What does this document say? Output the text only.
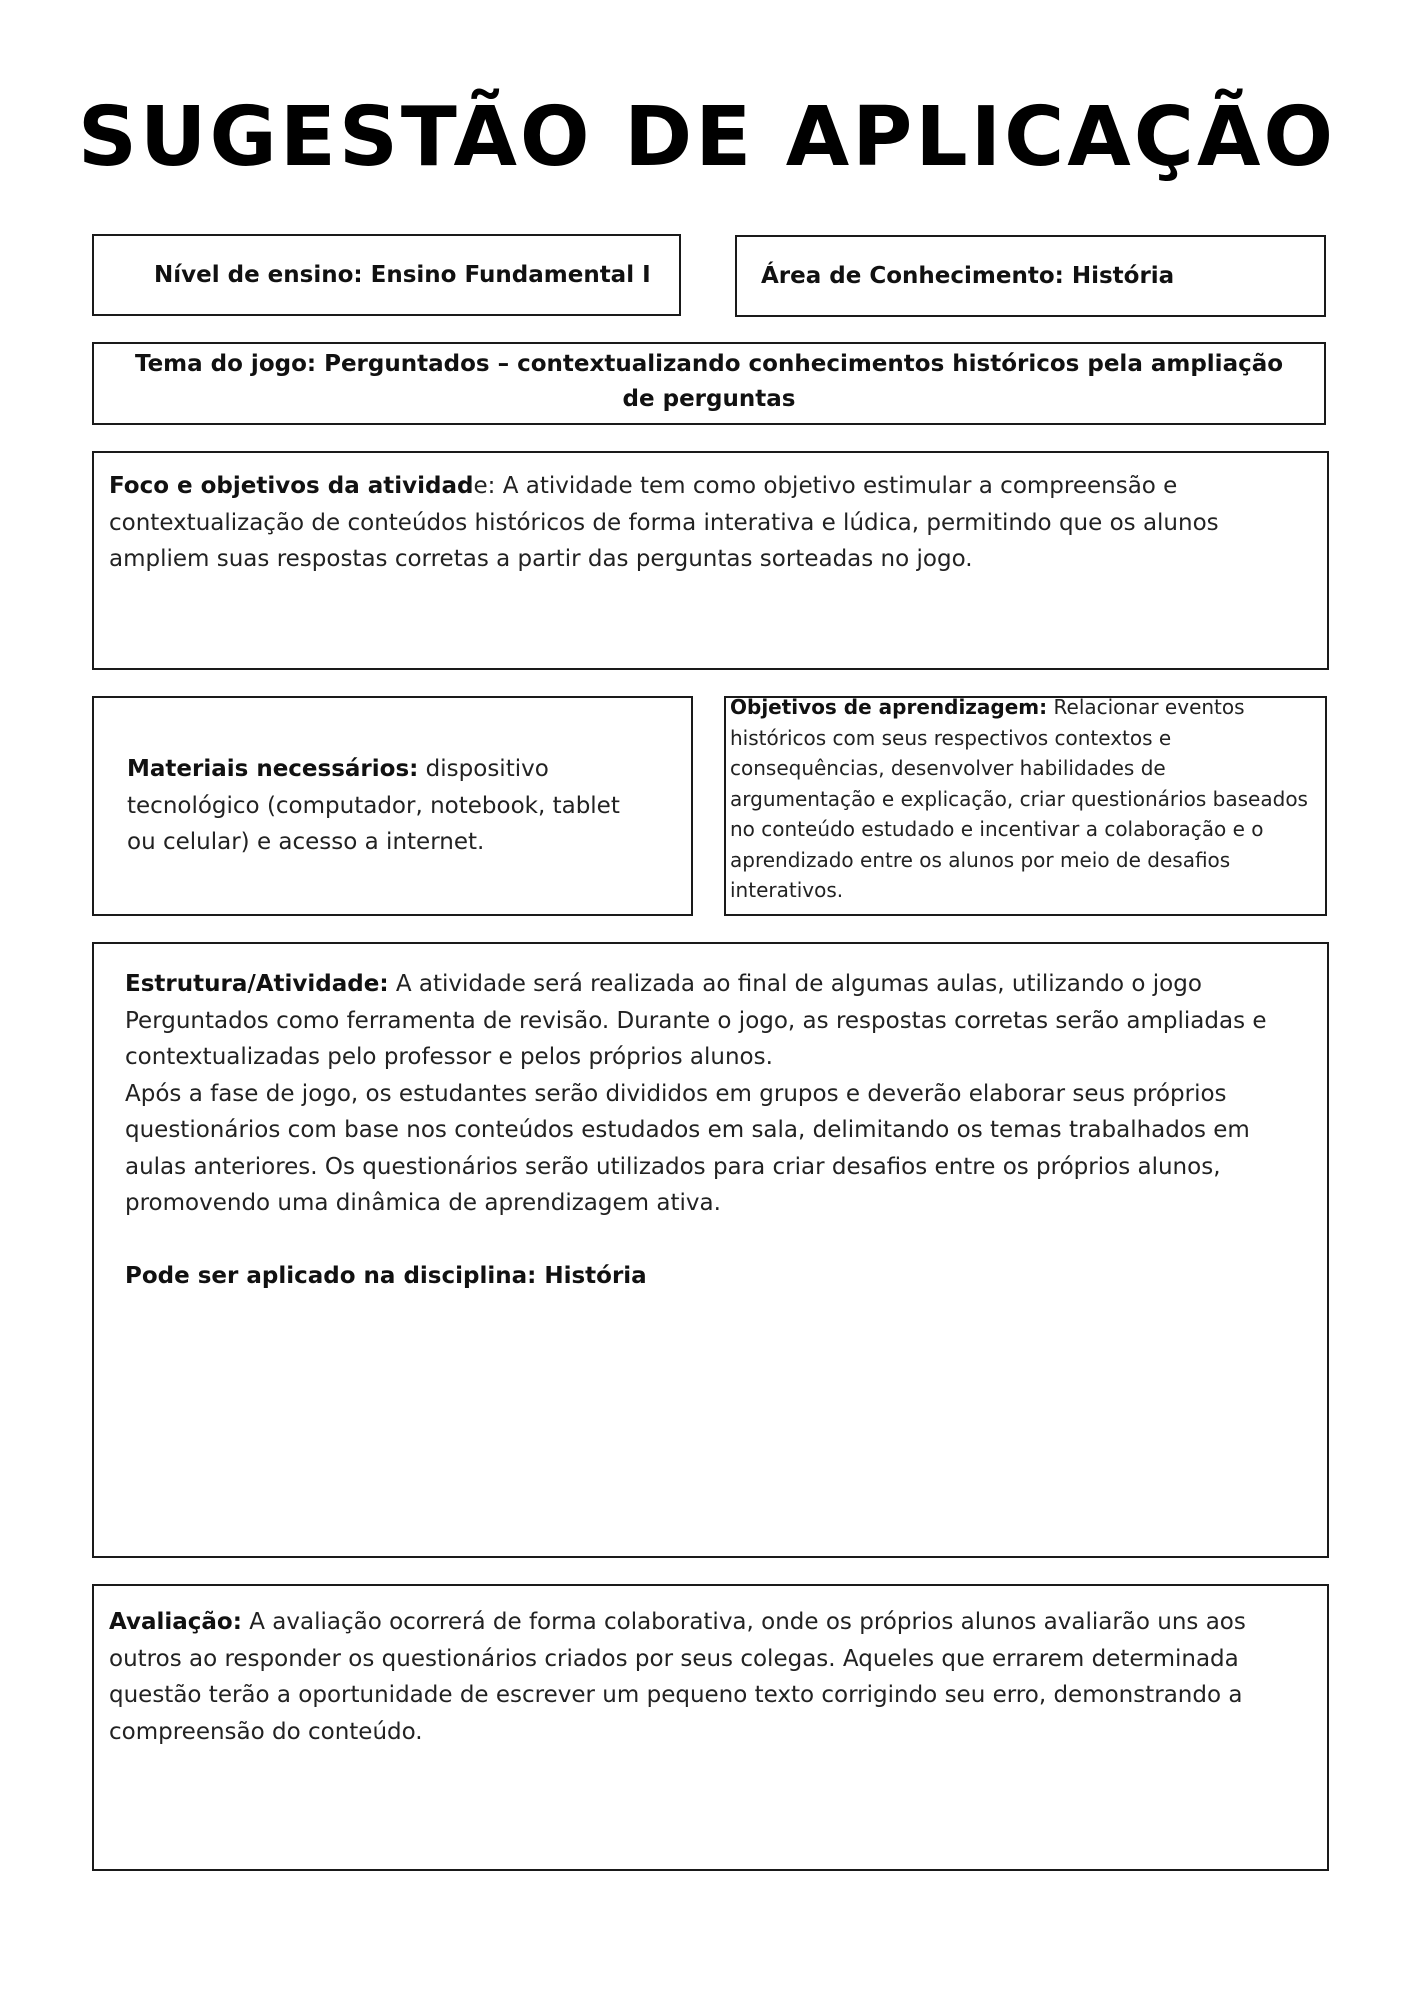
SUGESTÃO DE APLICAÇÃO
Nível de ensino: Ensino Fundamental I	Área de Conhecimento: História
Tema do jogo: Perguntados – contextualizando conhecimentos históricos pela ampliação de perguntas
Foco e objetivos da atividade: A atividade tem como objetivo estimular a compreensão e contextualização de conteúdos históricos de forma interativa e lúdica, permitindo que os alunos ampliem suas respostas corretas a partir das perguntas sorteadas no jogo.
Materiais necessários: dispositivo tecnológico (computador, notebook, tablet ou celular) e acesso a internet.
Objetivos de aprendizagem: Relacionar eventos históricos com seus respectivos contextos e consequências, desenvolver habilidades de argumentação e explicação, criar questionários baseados no conteúdo estudado e incentivar a colaboração e o aprendizado entre os alunos por meio de desafios interativos.
Estrutura/Atividade: A atividade será realizada ao final de algumas aulas, utilizando o jogo Perguntados como ferramenta de revisão. Durante o jogo, as respostas corretas serão ampliadas e contextualizadas pelo professor e pelos próprios alunos.
Após a fase de jogo, os estudantes serão divididos em grupos e deverão elaborar seus próprios questionários com base nos conteúdos estudados em sala, delimitando os temas trabalhados em aulas anteriores. Os questionários serão utilizados para criar desafios entre os próprios alunos, promovendo uma dinâmica de aprendizagem ativa.
Pode ser aplicado na disciplina: História
Avaliação: A avaliação ocorrerá de forma colaborativa, onde os próprios alunos avaliarão uns aos outros ao responder os questionários criados por seus colegas. Aqueles que errarem determinada questão terão a oportunidade de escrever um pequeno texto corrigindo seu erro, demonstrando a compreensão do conteúdo.
